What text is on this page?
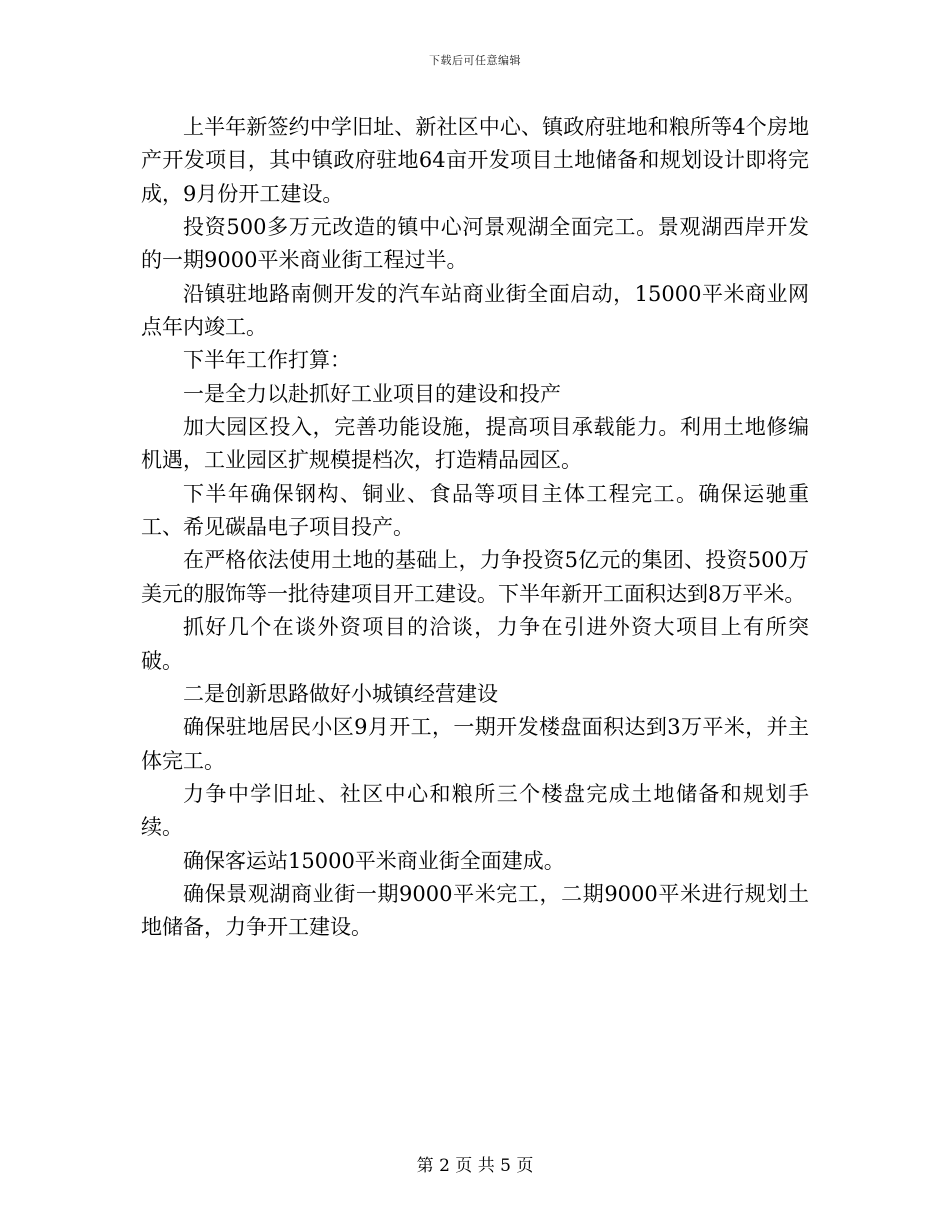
下载后可任意编辑

上半年新签约中学旧址、新社区中心、镇政府驻地和粮所等4个房地产开发项目，其中镇政府驻地64亩开发项目土地储备和规划设计即将完成，9月份开工建设。

投资500多万元改造的镇中心河景观湖全面完工。景观湖西岸开发的一期9000平米商业街工程过半。

沿镇驻地路南侧开发的汽车站商业街全面启动，15000平米商业网点年内竣工。

下半年工作打算：

一是全力以赴抓好工业项目的建设和投产

加大园区投入，完善功能设施，提高项目承载能力。利用土地修编机遇，工业园区扩规模提档次，打造精品园区。

下半年确保钢构、铜业、食品等项目主体工程完工。确保运驰重工、希见碳晶电子项目投产。

在严格依法使用土地的基础上，力争投资5亿元的集团、投资500万美元的服饰等一批待建项目开工建设。下半年新开工面积达到8万平米。

抓好几个在谈外资项目的洽谈，力争在引进外资大项目上有所突破。

二是创新思路做好小城镇经营建设

确保驻地居民小区9月开工，一期开发楼盘面积达到3万平米，并主体完工。

力争中学旧址、社区中心和粮所三个楼盘完成土地储备和规划手续。

确保客运站15000平米商业街全面建成。

确保景观湖商业街一期9000平米完工，二期9000平米进行规划土地储备，力争开工建设。

第 2 页 共 5 页
